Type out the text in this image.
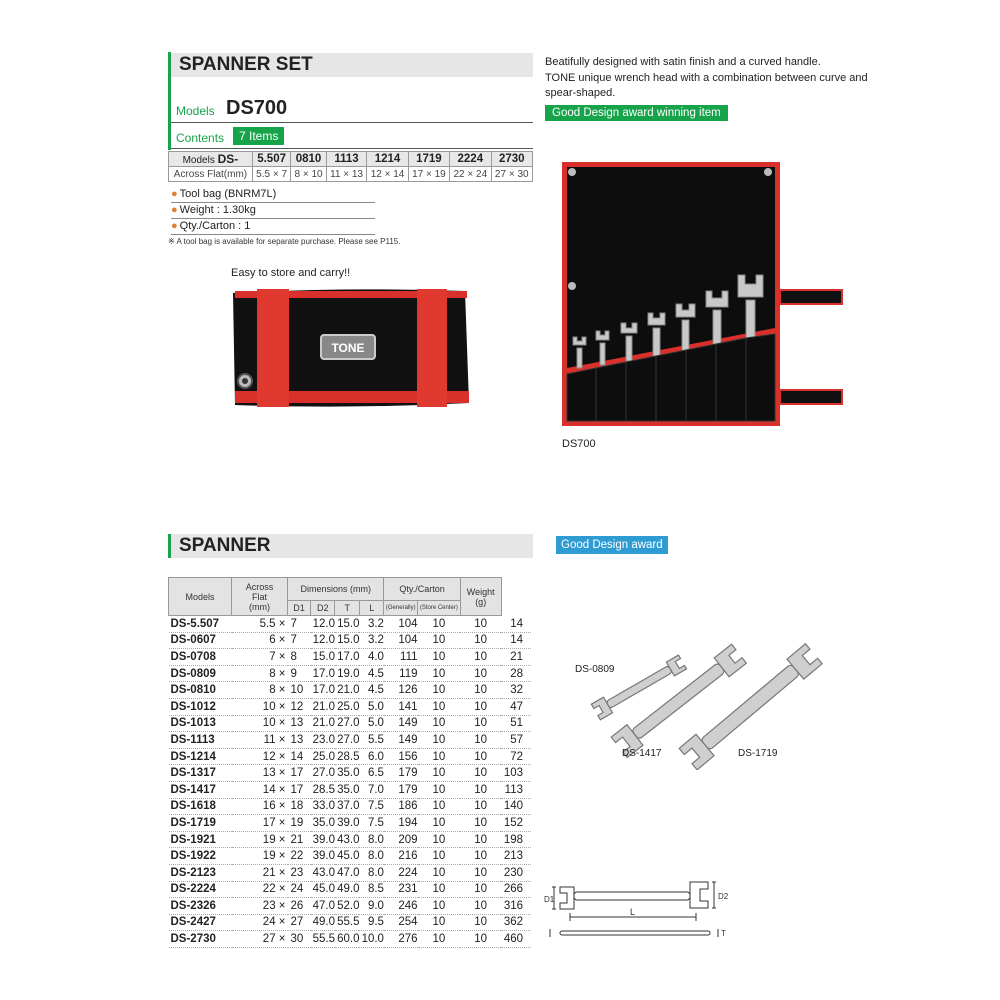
SPANNER SET
Models DS700
Contents	7 Items
Models DS-	5.507	0810	1113	1214	1719	2224	2730
Across Flat(mm)	5.5 × 7	8 × 10	11 × 13	12 × 14	17 × 19	22 × 24	27 × 30
● Tool bag (BNRM7L)
● Weight : 1.30kg
● Qty./Carton : 1
※ A tool bag is available for separate purchase. Please see P115.
Beatifully designed with satin finish and a curved handle.
TONE unique wrench head with a combination between curve and
spear-shaped.
Good Design award winning item
Easy to store and carry!!
TONE
DS700
SPANNER	Good Design award
Models	Across
Flat
(mm)	Dimensions (mm)				Qty./Carton		Weight
(g)	
		D1	D2	T	L	(Generally)	(Store Center)		
DS-5.507	5.5 ×	7	12.0	15.0	3.2	104	10	10	14
DS-0607	6 ×	7	12.0	15.0	3.2	104	10	10	14
DS-0708	7 ×	8	15.0	17.0	4.0	111	10	10	21
DS-0809	8 ×	9	17.0	19.0	4.5	119	10	10	28
DS-0810	8 ×	10	17.0	21.0	4.5	126	10	10	32
DS-1012	10 ×	12	21.0	25.0	5.0	141	10	10	47
DS-1013	10 ×	13	21.0	27.0	5.0	149	10	10	51
DS-1113	11 ×	13	23.0	27.0	5.5	149	10	10	57
DS-1214	12 ×	14	25.0	28.5	6.0	156	10	10	72
DS-1317	13 ×	17	27.0	35.0	6.5	179	10	10	103
DS-1417	14 ×	17	28.5	35.0	7.0	179	10	10	113
DS-1618	16 ×	18	33.0	37.0	7.5	186	10	10	140
DS-1719	17 ×	19	35.0	39.0	7.5	194	10	10	152
DS-1921	19 ×	21	39.0	43.0	8.0	209	10	10	198
DS-1922	19 ×	22	39.0	45.0	8.0	216	10	10	213
DS-2123	21 ×	23	43.0	47.0	8.0	224	10	10	230
DS-2224	22 ×	24	45.0	49.0	8.5	231	10	10	266
DS-2326	23 ×	26	47.0	52.0	9.0	246	10	10	316
DS-2427	24 ×	27	49.0	55.5	9.5	254	10	10	362
DS-2730	27 ×	30	55.5	60.0	10.0	276	10	10	460
DS-0809
DS-1417	DS-1719
D1	D2
L
T
